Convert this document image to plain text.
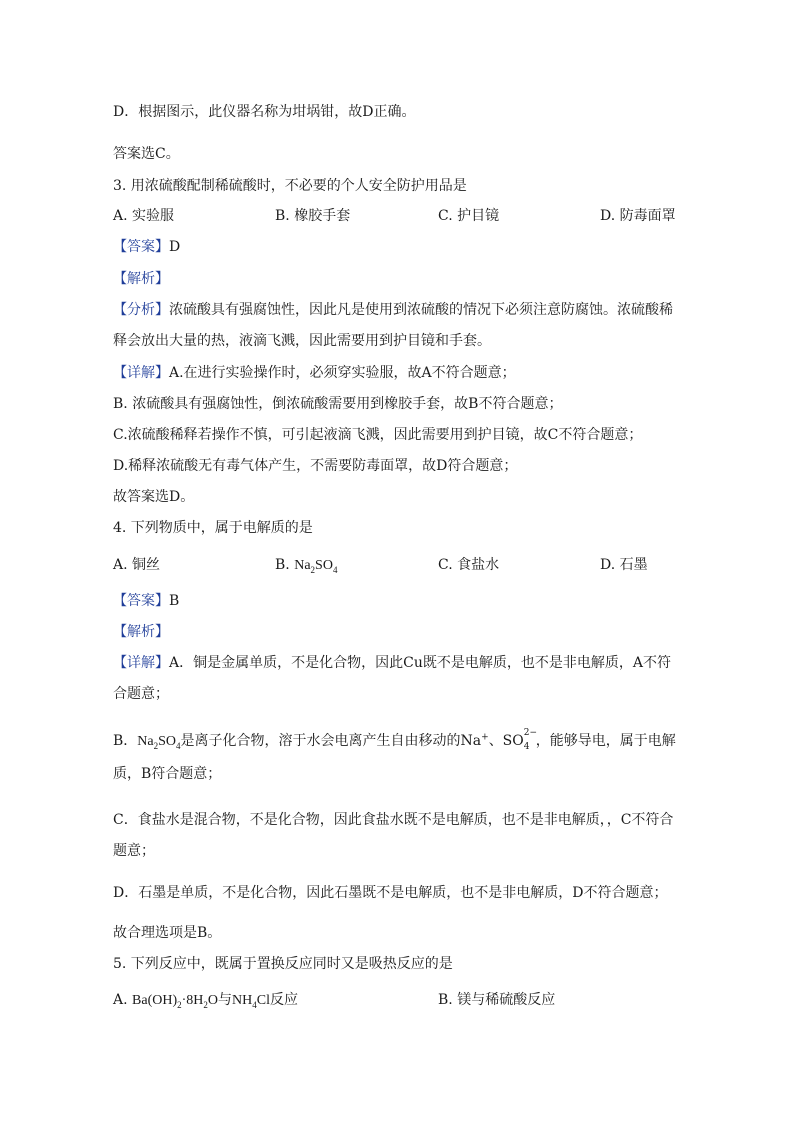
D．根据图示，此仪器名称为坩埚钳，故D正确。
答案选C。
3. 用浓硫酸配制稀硫酸时，不必要的个人安全防护用品是
A. 实验服	B. 橡胶手套	C. 护目镜	D. 防毒面罩
【答案】D
【解析】
【分析】浓硫酸具有强腐蚀性，因此凡是使用到浓硫酸的情况下必须注意防腐蚀。浓硫酸稀
释会放出大量的热，液滴飞溅，因此需要用到护目镜和手套。
【详解】A.在进行实验操作时，必须穿实验服，故A不符合题意；
B. 浓硫酸具有强腐蚀性，倒浓硫酸需要用到橡胶手套，故B不符合题意；
C.浓硫酸稀释若操作不慎，可引起液滴飞溅，因此需要用到护目镜，故C不符合题意；
D.稀释浓硫酸无有毒气体产生，不需要防毒面罩，故D符合题意；
故答案选D。
4. 下列物质中，属于电解质的是
A. 铜丝	B. $Na_2SO_4$	C. 食盐水	D. 石墨
【答案】B
【解析】
【详解】A．铜是金属单质，不是化合物，因此Cu既不是电解质，也不是非电解质，A不符
合题意；
B．$Na_2SO_4$是离子化合物，溶于水会电离产生自由移动的Na+、SO 2−
4 ，能够导电，属于电解
质，B符合题意；
C．食盐水是混合物，不是化合物，因此食盐水既不是电解质，也不是非电解质，，C不符合
题意；
D．石墨是单质，不是化合物，因此石墨既不是电解质，也不是非电解质，D不符合题意；
故合理选项是B。
5. 下列反应中，既属于置换反应同时又是吸热反应的是
A. $Ba(OH)_2\cdot 8H_2O$与$NH_4Cl$反应	B. 镁与稀硫酸反应
